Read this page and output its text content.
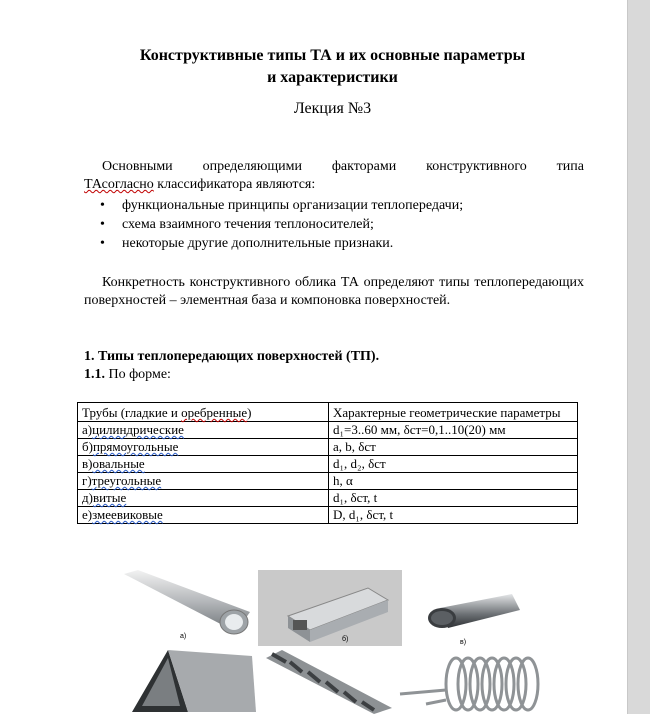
Конструктивные типы ТА и их основные параметры
и характеристики
Лекция №3
Основными определяющими факторами конструктивного типа
ТАсогласно классификатора являются:
• функциональные принципы организации теплопередачи;
• схема взаимного течения теплоносителей;
• некоторые другие дополнительные признаки.
Конкретность конструктивного облика ТА определяют типы теплопередающих поверхностей – элементная база и компоновка поверхностей.
1. Типы теплопередающих поверхностей (ТП).
1.1. По форме:
Трубы (гладкие и оребренные)	Характерные геометрические параметры
а)цилиндрические	d₁=3..60 мм, δст=0,1..10(20) мм
б)прямоугольные	a, b, δст
в)овальные	d₁, d₂, δст
г)треугольные	h, α
д)витые	d₁, δст, t
е)змеевиковые	D, d₁, δст, t
а)	б)	в)
